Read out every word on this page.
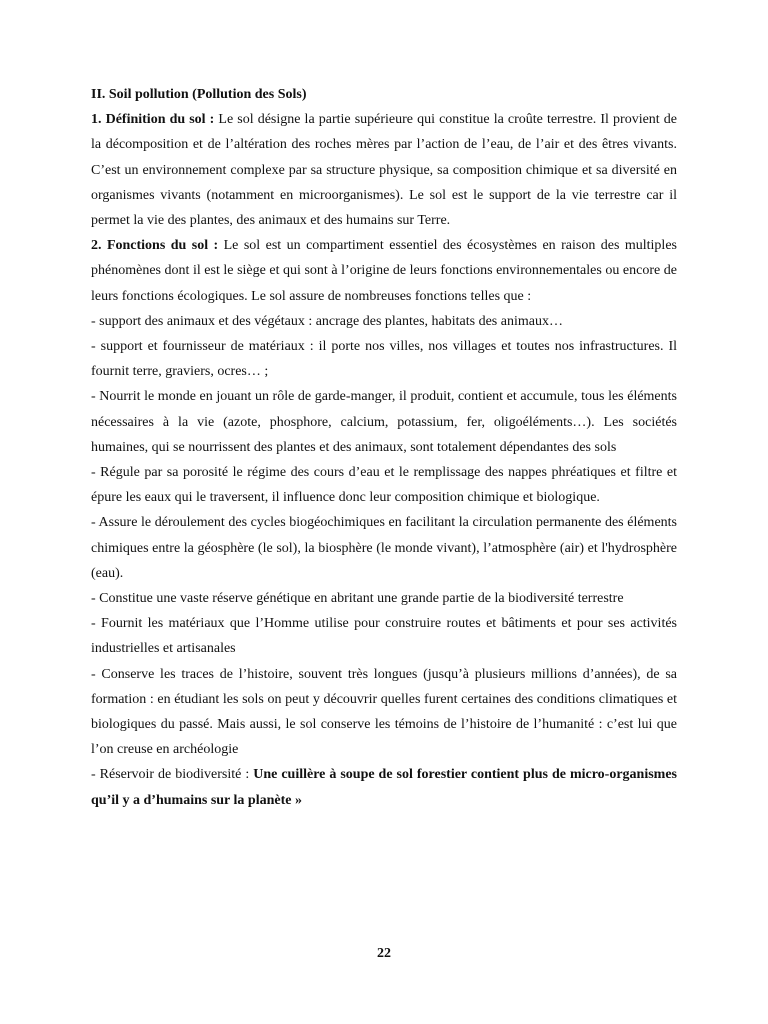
II. Soil pollution (Pollution des Sols)

1. Définition du sol : Le sol désigne la partie supérieure qui constitue la croûte terrestre. Il provient de la décomposition et de l’altération des roches mères par l’action de l’eau, de l’air et des êtres vivants. C’est un environnement complexe par sa structure physique, sa composition chimique et sa diversité en organismes vivants (notamment en microorganismes). Le sol est le support de la vie terrestre car il permet la vie des plantes, des animaux et des humains sur Terre.

2. Fonctions du sol : Le sol est un compartiment essentiel des écosystèmes en raison des multiples phénomènes dont il est le siège et qui sont à l’origine de leurs fonctions environnementales ou encore de leurs fonctions écologiques. Le sol assure de nombreuses fonctions telles que :

- support des animaux et des végétaux : ancrage des plantes, habitats des animaux…

- support et fournisseur de matériaux : il porte nos villes, nos villages et toutes nos infrastructures. Il fournit terre, graviers, ocres… ;

- Nourrit le monde en jouant un rôle de garde-manger, il produit, contient et accumule, tous les éléments nécessaires à la vie (azote, phosphore, calcium, potassium, fer, oligoéléments…). Les sociétés humaines, qui se nourrissent des plantes et des animaux, sont totalement dépendantes des sols

- Régule par sa porosité le régime des cours d’eau et le remplissage des nappes phréatiques et filtre et épure les eaux qui le traversent, il influence donc leur composition chimique et biologique.

- Assure le déroulement des cycles biogéochimiques en facilitant la circulation permanente des éléments chimiques entre la géosphère (le sol), la biosphère (le monde vivant), l’atmosphère (air) et l'hydrosphère (eau).

- Constitue une vaste réserve génétique en abritant une grande partie de la biodiversité terrestre

- Fournit les matériaux que l’Homme utilise pour construire routes et bâtiments et pour ses activités industrielles et artisanales

- Conserve les traces de l’histoire, souvent très longues (jusqu’à plusieurs millions d’années), de sa formation : en étudiant les sols on peut y découvrir quelles furent certaines des conditions climatiques et biologiques du passé. Mais aussi, le sol conserve les témoins de l’histoire de l’humanité : c’est lui que l’on creuse en archéologie

- Réservoir de biodiversité : Une cuillère à soupe de sol forestier contient plus de micro-organismes qu’il y a d’humains sur la planète »

22
